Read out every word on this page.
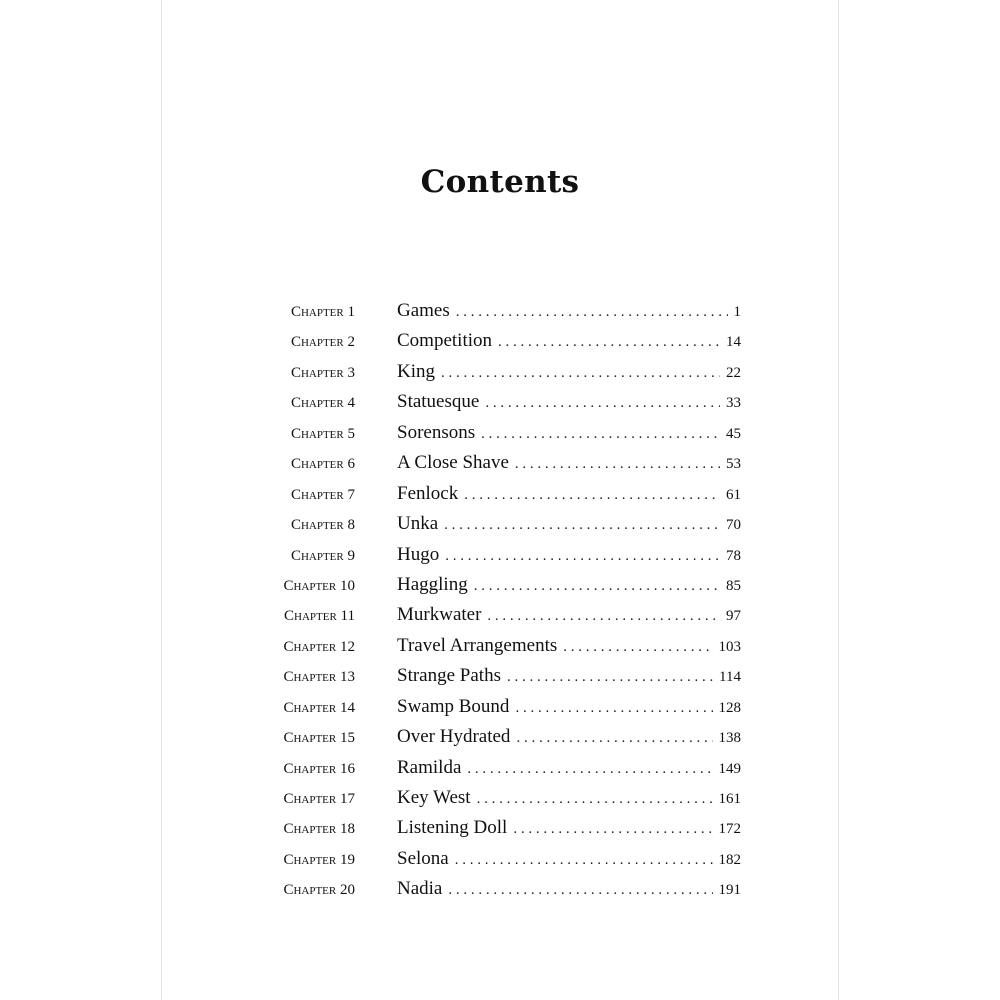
Contents
Chapter 1 Games . . .	1
Chapter 2 Competition . . .	14
Chapter 3 King . . .	22
Chapter 4 Statuesque . . .	33
Chapter 5 Sorensons . . .	45
Chapter 6 A Close Shave . . .	53
Chapter 7 Fenlock . . .	61
Chapter 8 Unka . . .	70
Chapter 9 Hugo . . .	78
Chapter 10 Haggling . . .	85
Chapter 11 Murkwater . . .	97
Chapter 12 Travel Arrangements . . .	103
Chapter 13 Strange Paths . . .	114
Chapter 14 Swamp Bound . . .	128
Chapter 15 Over Hydrated . . .	138
Chapter 16 Ramilda . . .	149
Chapter 17 Key West . . .	161
Chapter 18 Listening Doll . . .	172
Chapter 19 Selona . . .	182
Chapter 20 Nadia . . .	191
